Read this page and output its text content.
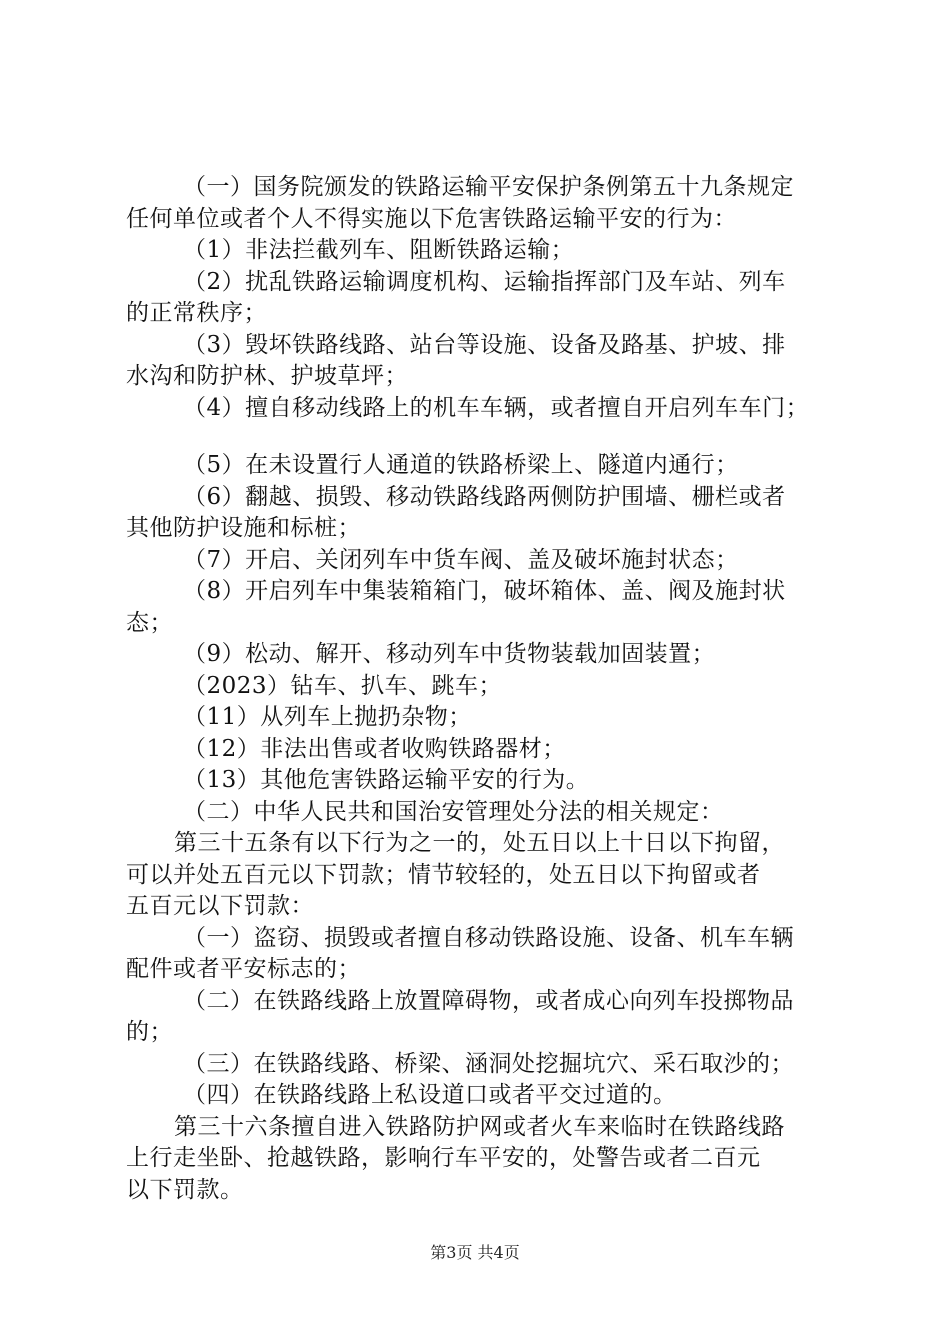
（一）国务院颁发的铁路运输平安保护条例第五十九条规定
任何单位或者个人不得实施以下危害铁路运输平安的行为：
（1）非法拦截列车、阻断铁路运输；
（2）扰乱铁路运输调度机构、运输指挥部门及车站、列车
的正常秩序；
（3）毁坏铁路线路、站台等设施、设备及路基、护坡、排
水沟和防护林、护坡草坪；
（4）擅自移动线路上的机车车辆，或者擅自开启列车车门；
（5）在未设置行人通道的铁路桥梁上、隧道内通行；
（6）翻越、损毁、移动铁路线路两侧防护围墙、栅栏或者
其他防护设施和标桩；
（7）开启、关闭列车中货车阀、盖及破坏施封状态；
（8）开启列车中集装箱箱门，破坏箱体、盖、阀及施封状
态；
（9）松动、解开、移动列车中货物装载加固装置；
（2023）钻车、扒车、跳车；
（11）从列车上抛扔杂物；
（12）非法出售或者收购铁路器材；
（13）其他危害铁路运输平安的行为。
（二）中华人民共和国治安管理处分法的相关规定：
第三十五条有以下行为之一的，处五日以上十日以下拘留，
可以并处五百元以下罚款；情节较轻的，处五日以下拘留或者
五百元以下罚款：
（一）盗窃、损毁或者擅自移动铁路设施、设备、机车车辆
配件或者平安标志的；
（二）在铁路线路上放置障碍物，或者成心向列车投掷物品
的；
（三）在铁路线路、桥梁、涵洞处挖掘坑穴、采石取沙的；
（四）在铁路线路上私设道口或者平交过道的。
第三十六条擅自进入铁路防护网或者火车来临时在铁路线路
上行走坐卧、抢越铁路，影响行车平安的，处警告或者二百元
以下罚款。
第3页 共4页
